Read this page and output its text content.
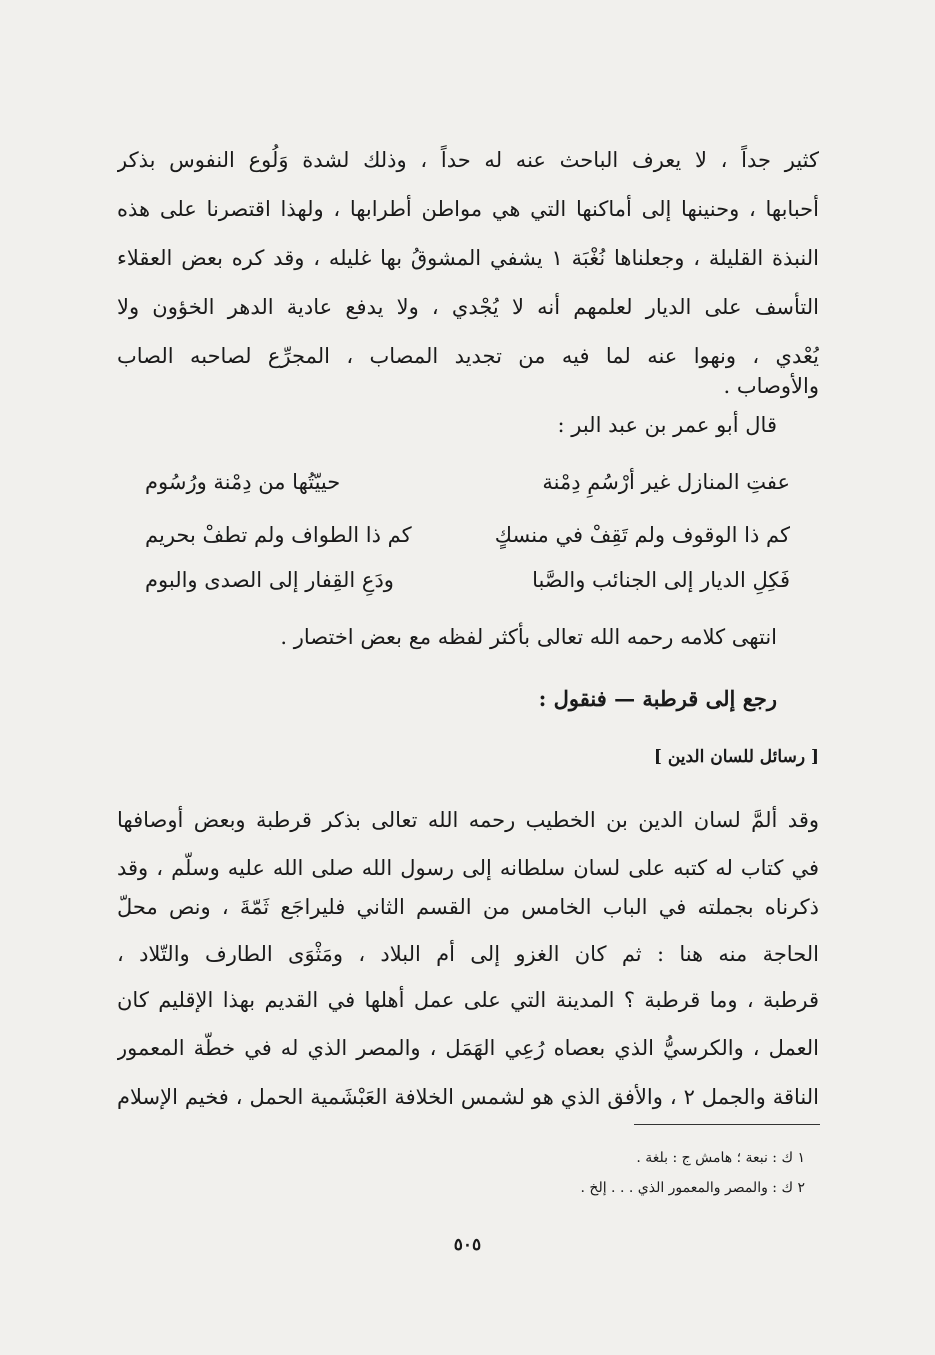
كثير جداً ، لا يعرف الباحث عنه له حداً ، وذلك لشدة وَلُوع النفوس بذكر
أحبابها ، وحنينها إلى أماكنها التي هي مواطن أطرابها ، ولهذا اقتصرنا على هذه
النبذة القليلة ، وجعلناها نُغْبَة ١ يشفي المشوقُ بها غليله ، وقد كره بعض العقلاء
التأسف على الديار لعلمهم أنه لا يُجْدي ، ولا يدفع عادية الدهر الخؤون ولا
يُعْدي ، ونهوا عنه لما فيه من تجديد المصاب ، المجرِّع لصاحبه الصاب
والأوصاب .
قال أبو عمر بن عبد البر :
عفتِ المنازل غير أرْسُمِ دِمْنة
حييّتُها من دِمْنة ورُسُوم
كم ذا الوقوف ولم تَقِفْ في منسكٍ
كم ذا الطواف ولم تطفْ بحريم
فَكِلِ الديار إلى الجنائب والصَّبا
ودَعِ القِفار إلى الصدى والبوم
انتهى كلامه رحمه الله تعالى بأكثر لفظه مع بعض اختصار .
رجع إلى قرطبة — فنقول :
[ رسائل للسان الدين ]
وقد ألمَّ لسان الدين بن الخطيب رحمه الله تعالى بذكر قرطبة وبعض أوصافها
في كتاب له كتبه على لسان سلطانه إلى رسول الله صلى الله عليه وسلّم ، وقد
ذكرناه بجملته في الباب الخامس من القسم الثاني فليراجَع ثَمّةَ ، ونص محلّ
الحاجة منه هنا : ثم كان الغزو إلى أم البلاد ، ومَثْوَى الطارف والتّلاد ،
قرطبة ، وما قرطبة ؟ المدينة التي على عمل أهلها في القديم بهذا الإقليم كان
العمل ، والكرسيُّ الذي بعصاه رُعِي الهَمَل ، والمصر الذي له في خطّة المعمور
الناقة والجمل ٢ ، والأفق الذي هو لشمس الخلافة العَبْشَمية الحمل ، فخيم الإسلام
١ ك : نبعة ؛ هامش ج : بلغة .
٢ ك : والمصر والمعمور الذي . . . إلخ .
٥٠٥
